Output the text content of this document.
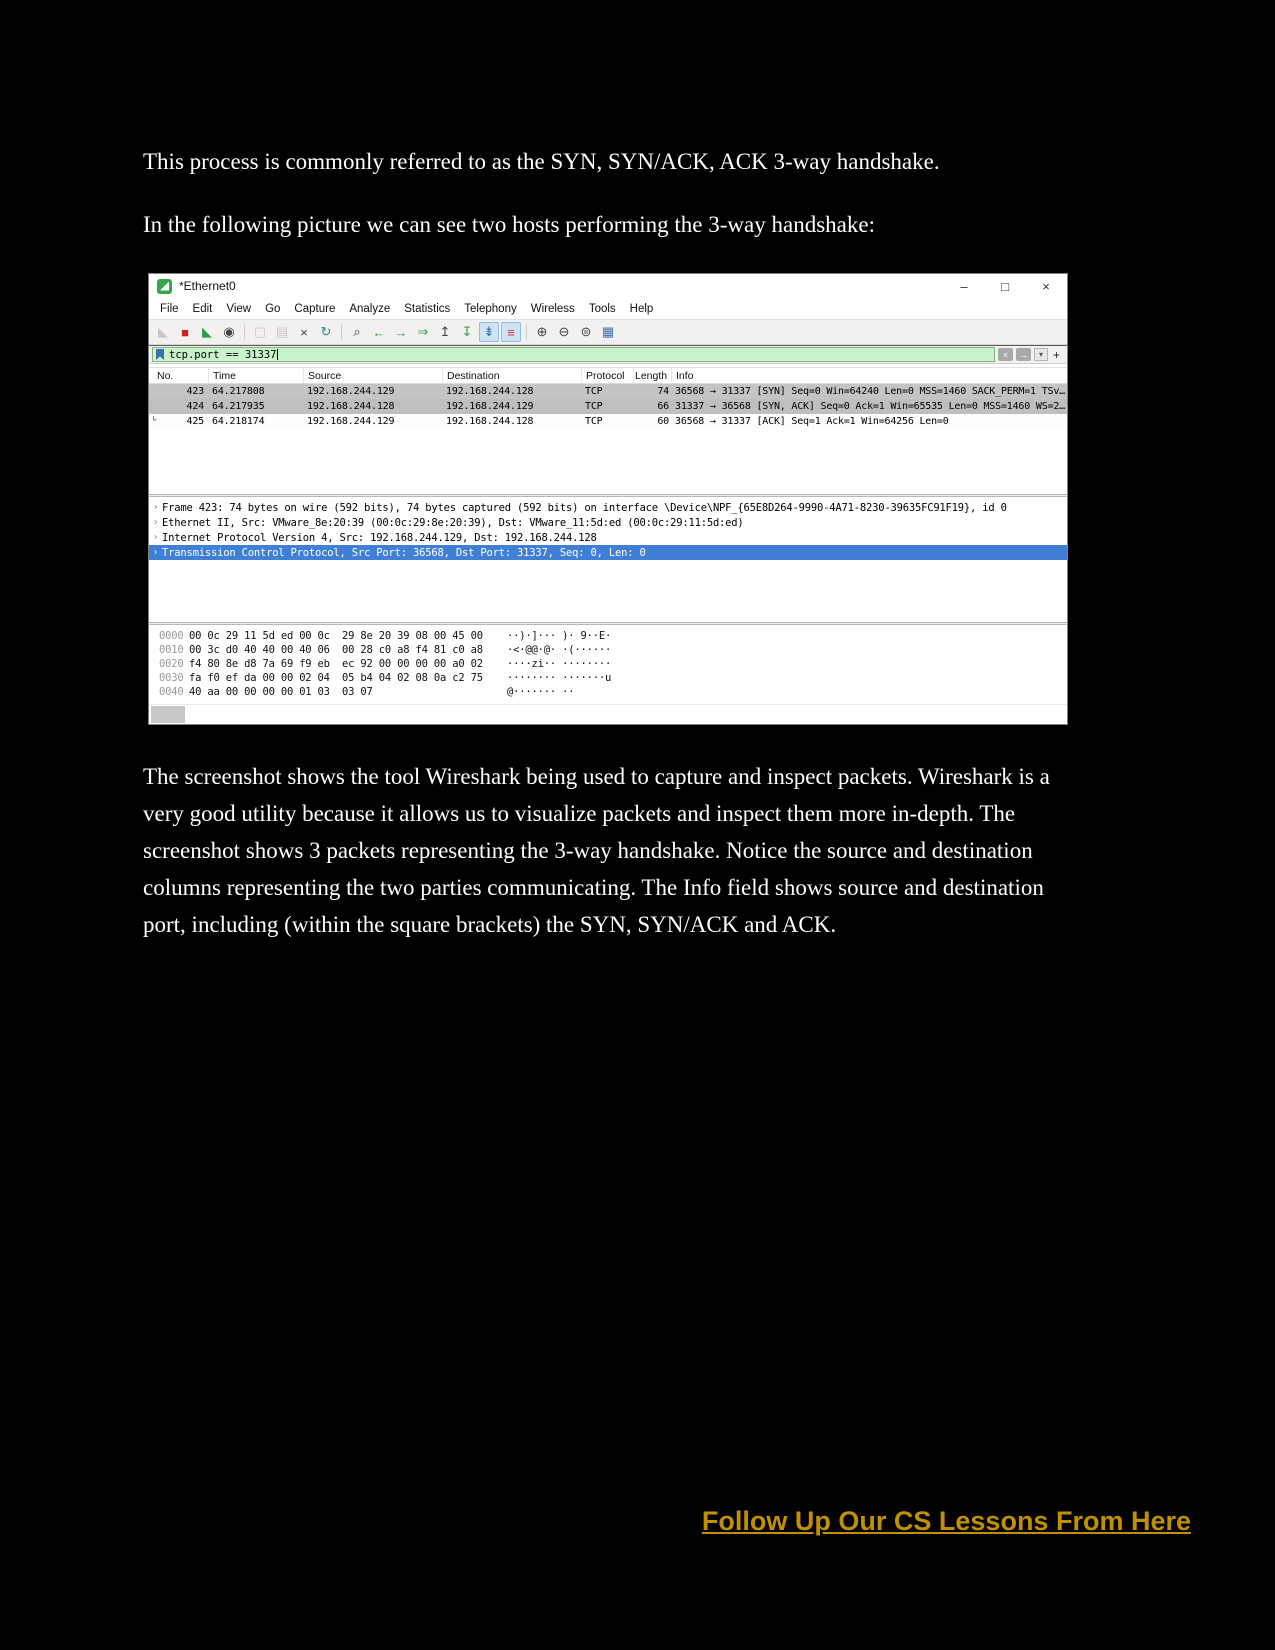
This process is commonly referred to as the SYN, SYN/ACK, ACK 3-way handshake.

In the following picture we can see two hosts performing the 3-way handshake:

*Ethernet0	–	□	×
File	Edit	View	Go	Capture	Analyze	Statistics	Telephony	Wireless	Tools	Help
◣	■	◣ ◉	▢ ▤ × ↻	⌕ ← → ⇒ ↥ ↧ ⇟ ≡	⊕ ⊖ ⊜ ▦
tcp.port == 31337	×	→	▾ +
No.	Time	Source	Destination	Protocol Length Info
423 64.217808	192.168.244.129	192.168.244.128	TCP	74 36568 → 31337 [SYN] Seq=0 Win=64240 Len=0 MSS=1460 SACK_PERM=1 TSv…
424 64.217935	192.168.244.128	192.168.244.129	TCP	66 31337 → 36568 [SYN, ACK] Seq=0 Ack=1 Win=65535 Len=0 MSS=1460 WS=2…
└	425 64.218174	192.168.244.129	192.168.244.128	TCP	60 36568 → 31337 [ACK] Seq=1 Ack=1 Win=64256 Len=0
› Frame 423: 74 bytes on wire (592 bits), 74 bytes captured (592 bits) on interface \Device\NPF_{65E8D264-9990-4A71-8230-39635FC91F19}, id 0
› Ethernet II, Src: VMware_8e:20:39 (00:0c:29:8e:20:39), Dst: VMware_11:5d:ed (00:0c:29:11:5d:ed)
› Internet Protocol Version 4, Src: 192.168.244.129, Dst: 192.168.244.128
› Transmission Control Protocol, Src Port: 36568, Dst Port: 31337, Seq: 0, Len: 0
0000 00 0c 29 11 5d ed 00 0c  29 8e 20 39 08 00 45 00	··)·]··· )· 9··E·
0010 00 3c d0 40 40 00 40 06  00 28 c0 a8 f4 81 c0 a8	·<·@@·@· ·(······
0020 f4 80 8e d8 7a 69 f9 eb  ec 92 00 00 00 00 a0 02	····zi·· ········
0030 fa f0 ef da 00 00 02 04  05 b4 04 02 08 0a c2 75	········ ·······u
0040 40 aa 00 00 00 00 01 03  03 07	@······· ··

The screenshot shows the tool Wireshark being used to capture and inspect packets. Wireshark is a very good utility because it allows us to visualize packets and inspect them more in-depth. The screenshot shows 3 packets representing the 3-way handshake. Notice the source and destination columns representing the two parties communicating. The Info field shows source and destination port, including (within the square brackets) the SYN, SYN/ACK and ACK.

Follow Up Our CS Lessons From Here
